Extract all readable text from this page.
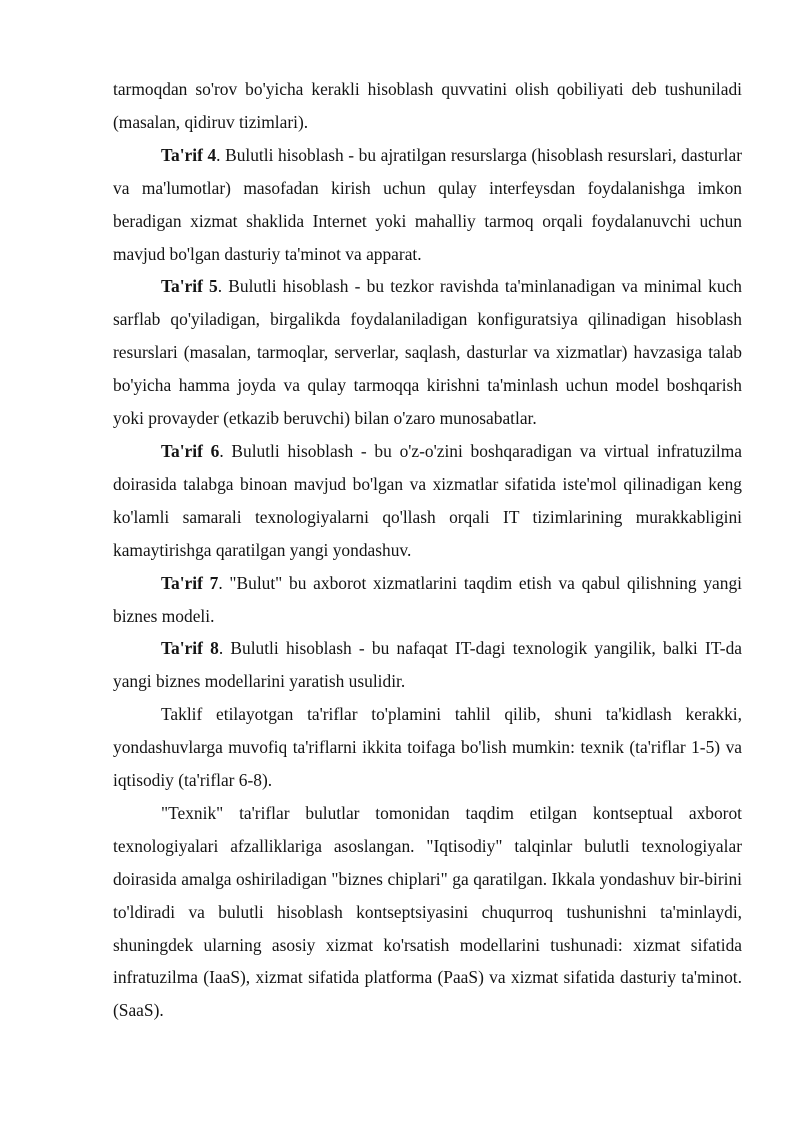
tarmoqdan so'rov bo'yicha kerakli hisoblash quvvatini olish qobiliyati deb tushuniladi (masalan, qidiruv tizimlari).

Ta'rif 4. Bulutli hisoblash - bu ajratilgan resurslarga (hisoblash resurslari, dasturlar va ma'lumotlar) masofadan kirish uchun qulay interfeysdan foydalanishga imkon beradigan xizmat shaklida Internet yoki mahalliy tarmoq orqali foydalanuvchi uchun mavjud bo'lgan dasturiy ta'minot va apparat.

Ta'rif 5. Bulutli hisoblash - bu tezkor ravishda ta'minlanadigan va minimal kuch sarflab qo'yiladigan, birgalikda foydalaniladigan konfiguratsiya qilinadigan hisoblash resurslari (masalan, tarmoqlar, serverlar, saqlash, dasturlar va xizmatlar) havzasiga talab bo'yicha hamma joyda va qulay tarmoqqa kirishni ta'minlash uchun model boshqarish yoki provayder (etkazib beruvchi) bilan o'zaro munosabatlar.

Ta'rif 6. Bulutli hisoblash - bu o'z-o'zini boshqaradigan va virtual infratuzilma doirasida talabga binoan mavjud bo'lgan va xizmatlar sifatida iste'mol qilinadigan keng ko'lamli samarali texnologiyalarni qo'llash orqali IT tizimlarining murakkabligini kamaytirishga qaratilgan yangi yondashuv.

Ta'rif 7. "Bulut" bu axborot xizmatlarini taqdim etish va qabul qilishning yangi biznes modeli.

Ta'rif 8. Bulutli hisoblash - bu nafaqat IT-dagi texnologik yangilik, balki IT-da yangi biznes modellarini yaratish usulidir.

Taklif etilayotgan ta'riflar to'plamini tahlil qilib, shuni ta'kidlash kerakki, yondashuvlarga muvofiq ta'riflarni ikkita toifaga bo'lish mumkin: texnik (ta'riflar 1-5) va iqtisodiy (ta'riflar 6-8).

"Texnik" ta'riflar bulutlar tomonidan taqdim etilgan kontseptual axborot texnologiyalari afzalliklariga asoslangan. "Iqtisodiy" talqinlar bulutli texnologiyalar doirasida amalga oshiriladigan "biznes chiplari" ga qaratilgan. Ikkala yondashuv bir-birini to'ldiradi va bulutli hisoblash kontseptsiyasini chuqurroq tushunishni ta'minlaydi, shuningdek ularning asosiy xizmat ko'rsatish modellarini tushunadi: xizmat sifatida infratuzilma (IaaS), xizmat sifatida platforma (PaaS) va xizmat sifatida dasturiy ta'minot. (SaaS).
